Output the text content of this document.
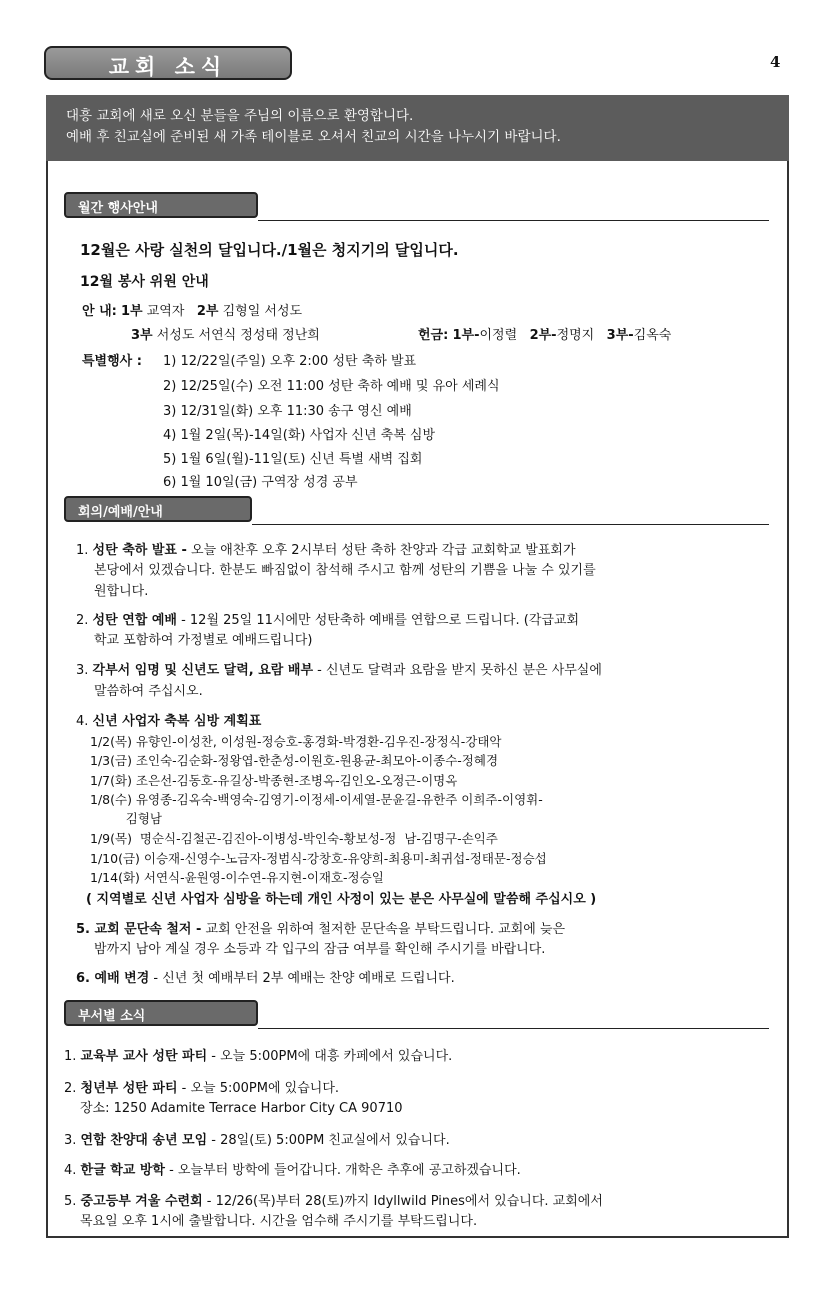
교회 소식	4
대흥 교회에 새로 오신 분들을 주님의 이름으로 환영합니다.
예배 후 친교실에 준비된 새 가족 테이블로 오셔서 친교의 시간을 나누시기 바랍니다.
월간 행사안내
12월은 사랑 실천의 달입니다./1월은 청지기의 달입니다.
12월 봉사 위원 안내
안 내: 1부 교역자 2부 김형일 서성도
3부 서성도 서연식 정성태 정난희	헌금: 1부-이정렬 2부-정명지 3부-김옥숙
특별행사 : 1) 12/22일(주일) 오후 2:00 성탄 축하 발표
2) 12/25일(수) 오전 11:00 성탄 축하 예배 및 유아 세례식
3) 12/31일(화) 오후 11:30 송구 영신 예배
4) 1월 2일(목)-14일(화) 사업자 신년 축복 심방
5) 1월 6일(월)-11일(토) 신년 특별 새벽 집회
6) 1월 10일(금) 구역장 성경 공부
회의/예배/안내
1. 성탄 축하 발표 - 오늘 애찬후 오후 2시부터 성탄 축하 찬양과 각급 교회학교 발표회가
본당에서 있겠습니다. 한분도 빠짐없이 참석해 주시고 함께 성탄의 기쁨을 나눌 수 있기를
원합니다.
2. 성탄 연합 예배 - 12월 25일 11시에만 성탄축하 예배를 연합으로 드립니다. (각급교회
학교 포함하여 가정별로 예배드립니다)
3. 각부서 임명 및 신년도 달력, 요람 배부 - 신년도 달력과 요람을 받지 못하신 분은 사무실에
말씀하여 주십시오.
4. 신년 사업자 축복 심방 계획표
1/2(목) 유향인-이성찬, 이성원-정승호-홍경화-박경환-김우진-장정식-강태악
1/3(금) 조인숙-김순화-정왕엽-한춘성-이원호-원용균-최모아-이종수-정혜경
1/7(화) 조은선-김동호-유길상-박종현-조병옥-김인오-오정근-이명옥
1/8(수) 유영종-김옥숙-백영숙-김영기-이정세-이세열-문윤길-유한주 이희주-이영휘-
김형남
1/9(목)  명순식-김철곤-김진아-이병성-박인숙-황보성-정  남-김명구-손익주
1/10(금) 이승재-신영수-노금자-정범식-강창호-유양희-최용미-최귀섭-정태문-정승섭
1/14(화) 서연식-윤원영-이수연-유지현-이재호-정승일
( 지역별로 신년 사업자 심방을 하는데 개인 사정이 있는 분은 사무실에 말씀해 주십시오 )
5. 교회 문단속 철저 - 교회 안전을 위하여 철저한 문단속을 부탁드립니다. 교회에 늦은
밤까지 남아 계실 경우 소등과 각 입구의 잠금 여부를 확인해 주시기를 바랍니다.
6. 예배 변경 - 신년 첫 예배부터 2부 예배는 찬양 예배로 드립니다.
부서별 소식
1. 교육부 교사 성탄 파티 - 오늘 5:00PM에 대흥 카페에서 있습니다.
2. 청년부 성탄 파티 - 오늘 5:00PM에 있습니다.
장소: 1250 Adamite Terrace Harbor City CA 90710
3. 연합 찬양대 송년 모임 - 28일(토) 5:00PM 친교실에서 있습니다.
4. 한글 학교 방학 - 오늘부터 방학에 들어갑니다. 개학은 추후에 공고하겠습니다.
5. 중고등부 겨울 수련회 - 12/26(목)부터 28(토)까지 Idyllwild Pines에서 있습니다. 교회에서
목요일 오후 1시에 출발합니다. 시간을 엄수해 주시기를 부탁드립니다.
